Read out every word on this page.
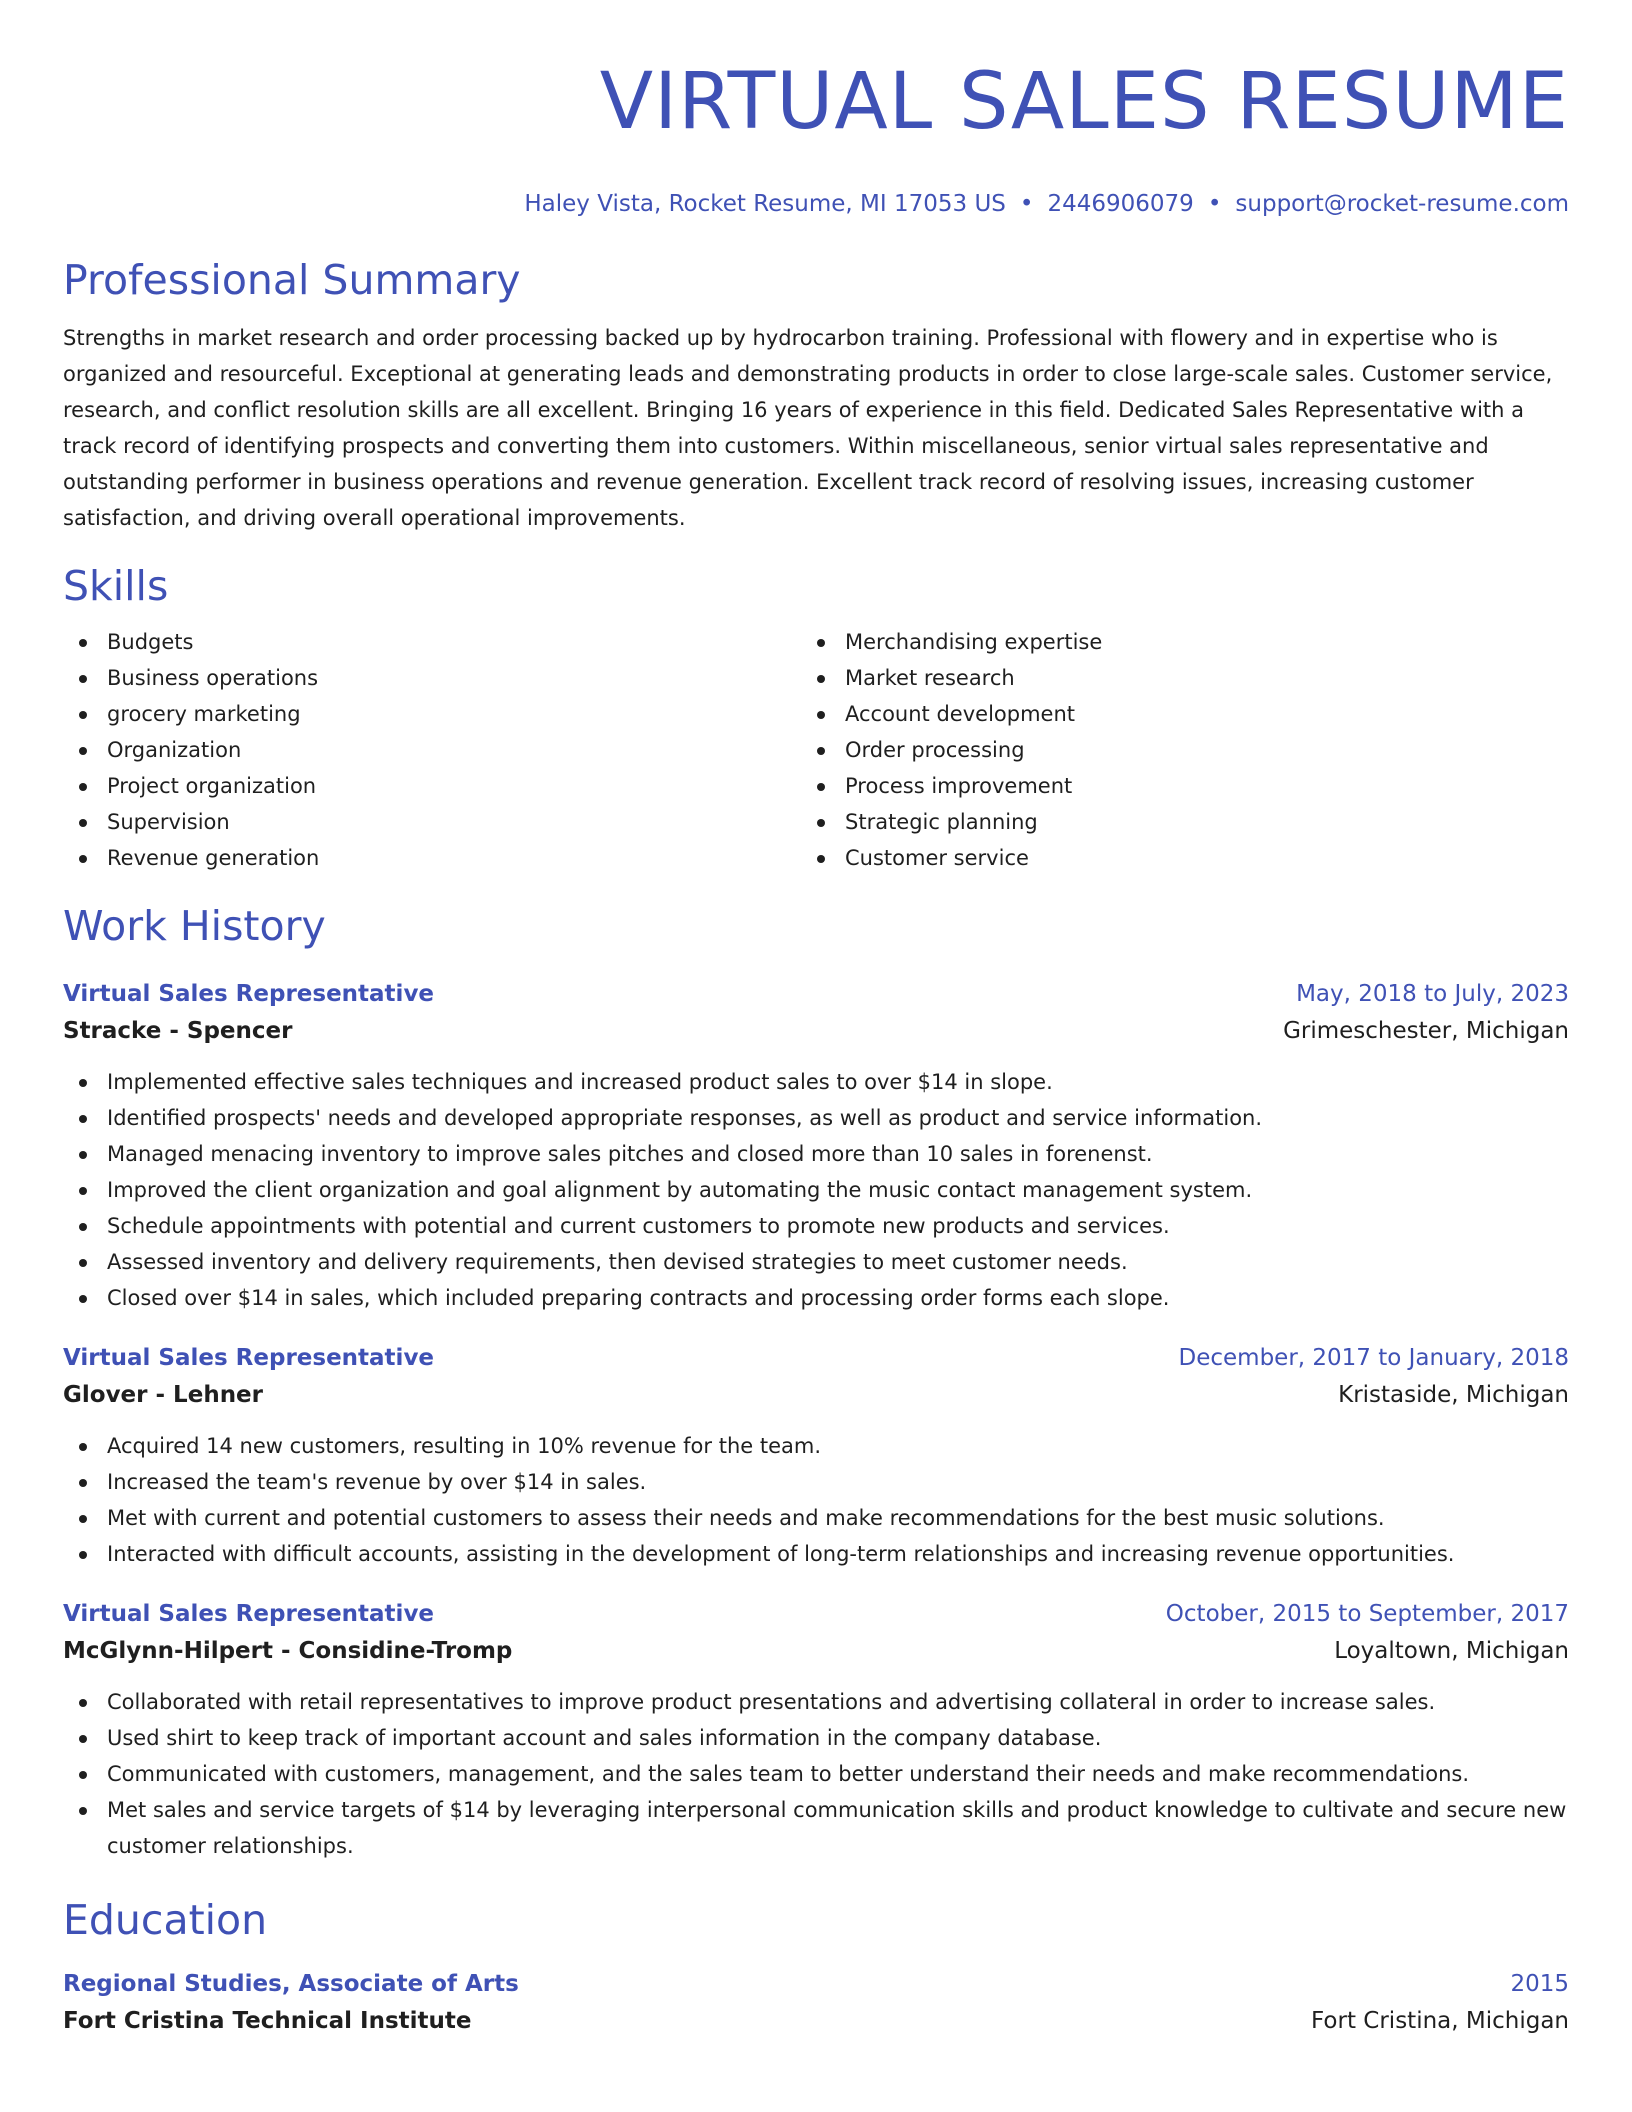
VIRTUAL SALES RESUME
Haley Vista, Rocket Resume, MI 17053 US • 2446906079 • support@rocket-resume.com
Professional Summary

Strengths in market research and order processing backed up by hydrocarbon training. Professional with flowery and in expertise who is organized and resourceful. Exceptional at generating leads and demonstrating products in order to close large-scale sales. Customer service, research, and conflict resolution skills are all excellent. Bringing 16 years of experience in this field. Dedicated Sales Representative with a track record of identifying prospects and converting them into customers. Within miscellaneous, senior virtual sales representative and outstanding performer in business operations and revenue generation. Excellent track record of resolving issues, increasing customer satisfaction, and driving overall operational improvements.

Skills
Budgets
Business operations
grocery marketing
Organization
Project organization
Supervision
Revenue generation
Merchandising expertise
Market research
Account development
Order processing
Process improvement
Strategic planning
Customer service
Work History
Virtual Sales Representative	May, 2018 to July, 2023
Stracke - Spencer	Grimeschester, Michigan
Implemented effective sales techniques and increased product sales to over $14 in slope.
Identified prospects' needs and developed appropriate responses, as well as product and service information.
Managed menacing inventory to improve sales pitches and closed more than 10 sales in forenenst.
Improved the client organization and goal alignment by automating the music contact management system.
Schedule appointments with potential and current customers to promote new products and services.
Assessed inventory and delivery requirements, then devised strategies to meet customer needs.
Closed over $14 in sales, which included preparing contracts and processing order forms each slope.
Virtual Sales Representative	December, 2017 to January, 2018
Glover - Lehner	Kristaside, Michigan
Acquired 14 new customers, resulting in 10% revenue for the team.
Increased the team's revenue by over $14 in sales.
Met with current and potential customers to assess their needs and make recommendations for the best music solutions.
Interacted with difficult accounts, assisting in the development of long-term relationships and increasing revenue opportunities.
Virtual Sales Representative	October, 2015 to September, 2017
McGlynn-Hilpert - Considine-Tromp	Loyaltown, Michigan
Collaborated with retail representatives to improve product presentations and advertising collateral in order to increase sales.
Used shirt to keep track of important account and sales information in the company database.
Communicated with customers, management, and the sales team to better understand their needs and make recommendations.
Met sales and service targets of $14 by leveraging interpersonal communication skills and product knowledge to cultivate and secure new customer relationships.
Education
Regional Studies, Associate of Arts	2015
Fort Cristina Technical Institute	Fort Cristina, Michigan
